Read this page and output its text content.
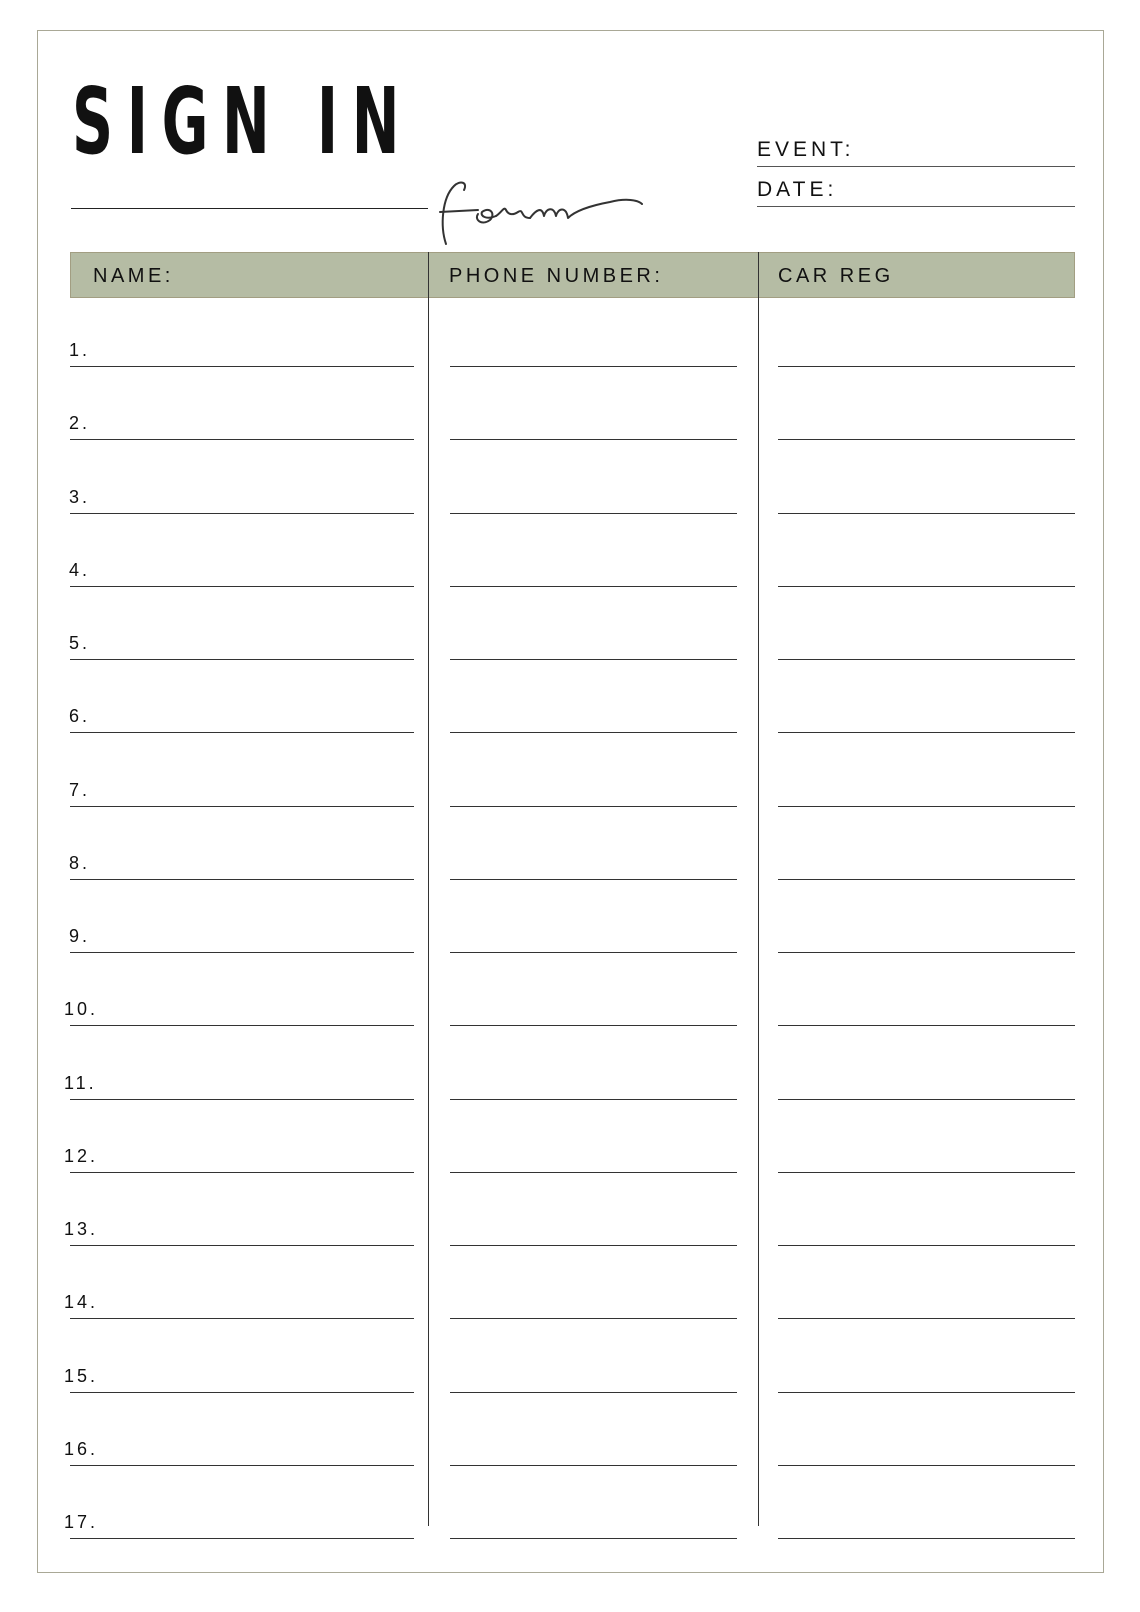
SIGN IN	EVENT:
DATE:
NAME:	PHONE NUMBER:	CAR REG
1.
2.
3.
4.
5.
6.
7.
8.
9.
10.
11.
12.
13.
14.
15.
16.
17.
